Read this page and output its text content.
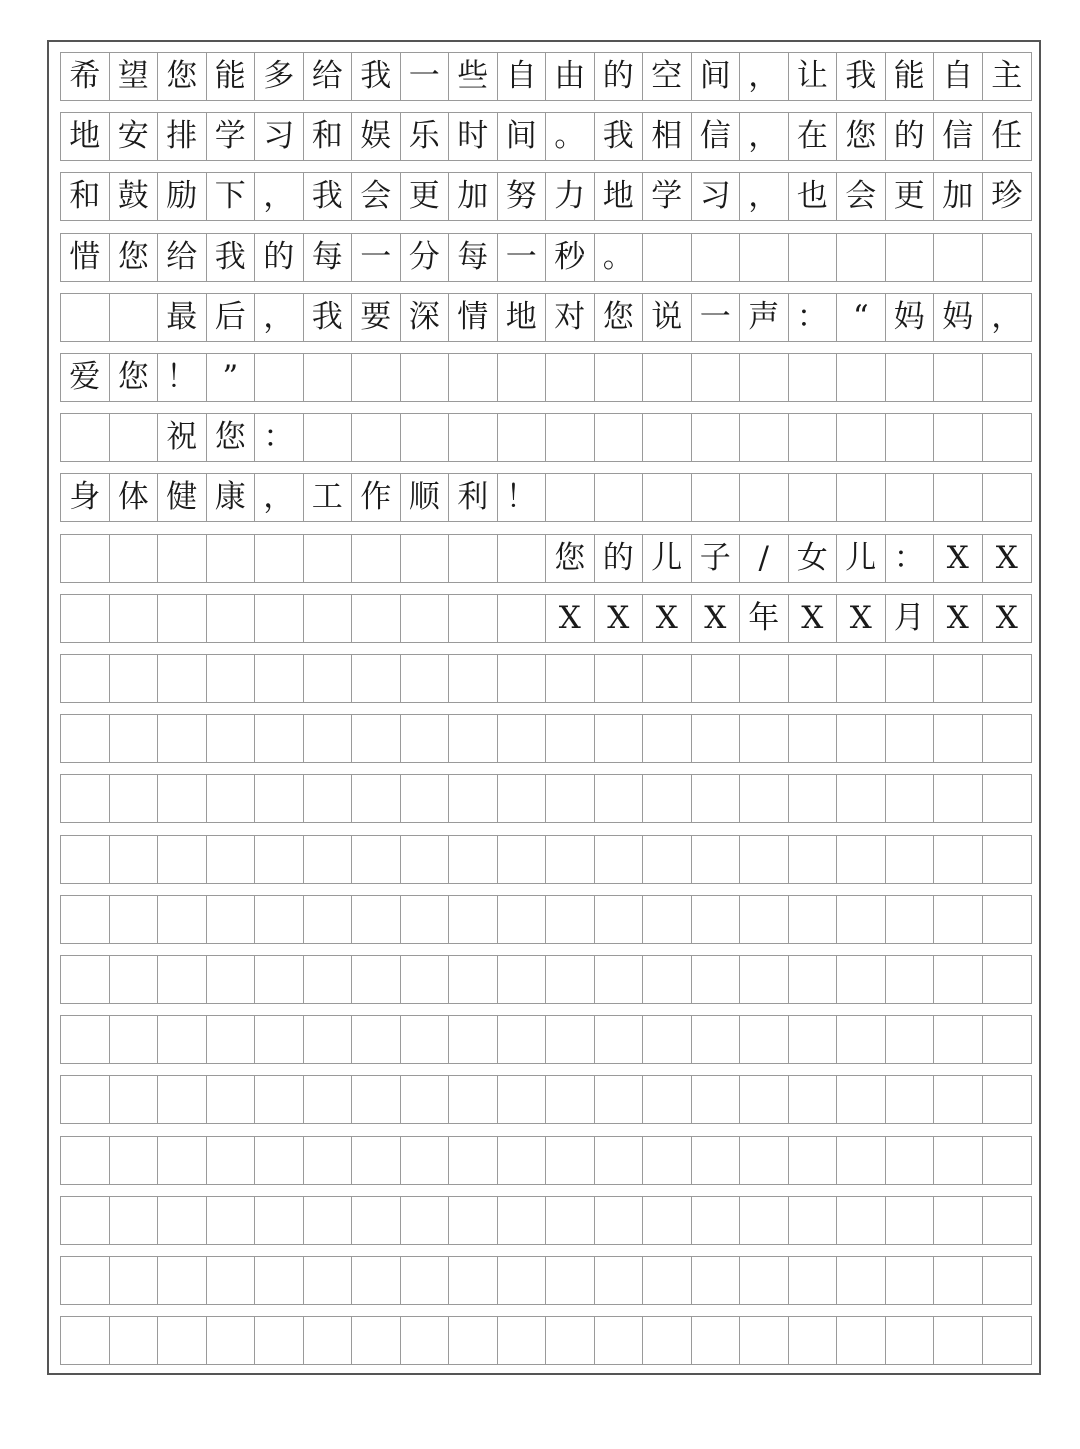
希 望 您 能 多 给 我 一 些 自 由 的 空 间 ， 让 我 能 自 主
地 安 排 学 习 和 娱 乐 时 间 。 我 相 信 ， 在 您 的 信 任
和 鼓 励 下 ， 我 会 更 加 努 力 地 学 习 ， 也 会 更 加 珍
惜 您 给 我 的 每 一 分 每 一 秒 。
最 后 ， 我 要 深 情 地 对 您 说 一 声 ： “ 妈 妈 ，
爱 您 ！ ”
祝 您 ：
身 体 健 康 ， 工 作 顺 利 ！
您 的 儿 子 / 女 儿 ： X X
X X X X 年 X X 月 X X
